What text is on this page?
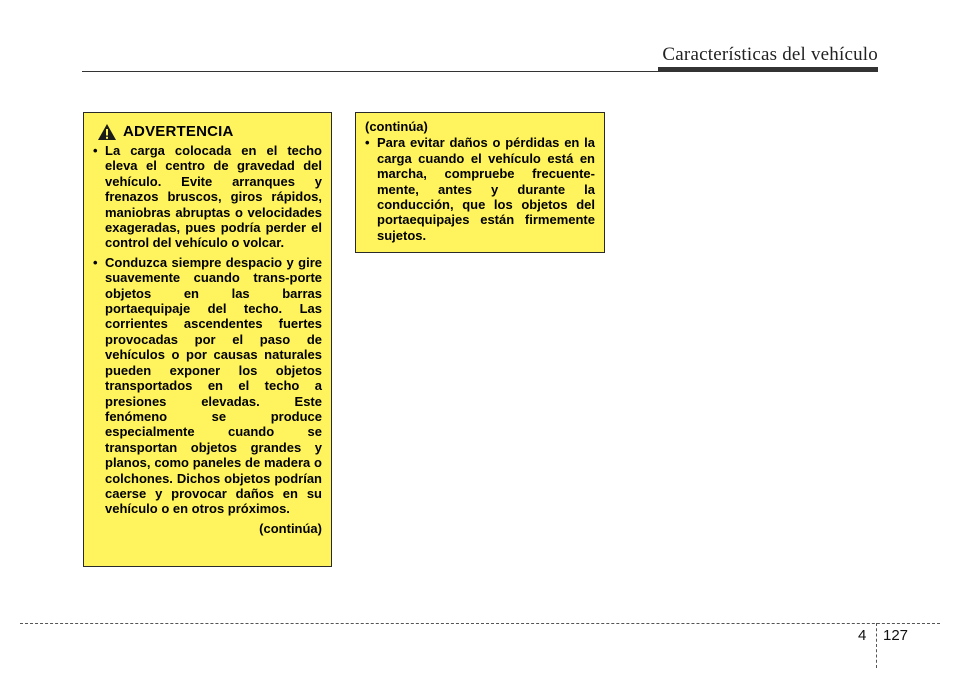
Características del vehículo
ADVERTENCIA
• La carga colocada en el techo eleva el centro de gravedad del vehículo. Evite arranques y frenazos bruscos, giros rápidos, maniobras abruptas o velocidades exageradas, pues podría perder el control del vehículo o volcar.
• Conduzca siempre despacio y gire suavemente cuando trans-porte objetos en las barras portaequipaje del techo. Las corrientes ascendentes fuertes provocadas por el paso de vehículos o por causas naturales pueden exponer los objetos transportados en el techo a presiones elevadas. Este fenómeno se produce especialmente cuando se transportan objetos grandes y planos, como paneles de madera o colchones. Dichos objetos podrían caerse y provocar daños en su vehículo o en otros próximos.
(continúa)
(continúa)
• Para evitar daños o pérdidas en la carga cuando el vehículo está en marcha, compruebe frecuente-mente, antes y durante la conducción, que los objetos del portaequipajes están firmemente sujetos.
4 127
